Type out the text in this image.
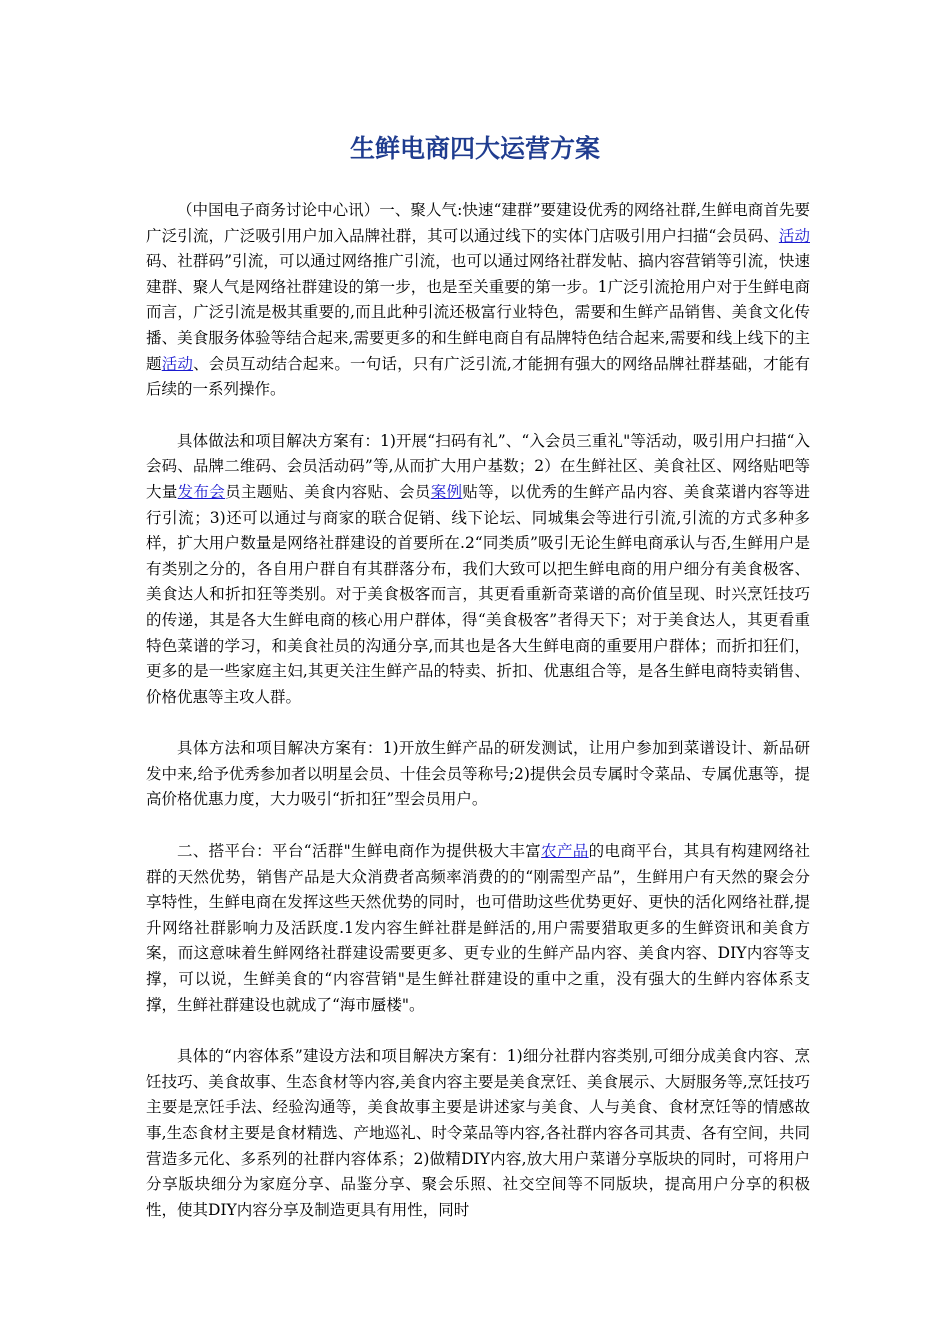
生鲜电商四大运营方案

（中国电子商务讨论中心讯）一、聚人气:快速“建群”要建设优秀的网络社群,生鲜电商首先要广泛引流，广泛吸引用户加入品牌社群，其可以通过线下的实体门店吸引用户扫描“会员码、活动码、社群码”引流，可以通过网络推广引流，也可以通过网络社群发帖、搞内容营销等引流，快速建群、聚人气是网络社群建设的第一步，也是至关重要的第一步。1广泛引流抢用户对于生鲜电商而言，广泛引流是极其重要的,而且此种引流还极富行业特色，需要和生鲜产品销售、美食文化传播、美食服务体验等结合起来,需要更多的和生鲜电商自有品牌特色结合起来,需要和线上线下的主题活动、会员互动结合起来。一句话，只有广泛引流,才能拥有强大的网络品牌社群基础，才能有后续的一系列操作。

具体做法和项目解决方案有：1)开展“扫码有礼”、“入会员三重礼"等活动，吸引用户扫描“入会码、品牌二维码、会员活动码”等,从而扩大用户基数；2）在生鲜社区、美食社区、网络贴吧等大量发布会员主题贴、美食内容贴、会员案例贴等，以优秀的生鲜产品内容、美食菜谱内容等进行引流；3)还可以通过与商家的联合促销、线下论坛、同城集会等进行引流,引流的方式多种多样，扩大用户数量是网络社群建设的首要所在.2“同类质”吸引无论生鲜电商承认与否,生鲜用户是有类别之分的，各自用户群自有其群落分布，我们大致可以把生鲜电商的用户细分有美食极客、美食达人和折扣狂等类别。对于美食极客而言，其更看重新奇菜谱的高价值呈现、时兴烹饪技巧的传递，其是各大生鲜电商的核心用户群体，得“美食极客”者得天下；对于美食达人，其更看重特色菜谱的学习，和美食社员的沟通分享,而其也是各大生鲜电商的重要用户群体；而折扣狂们，更多的是一些家庭主妇,其更关注生鲜产品的特卖、折扣、优惠组合等，是各生鲜电商特卖销售、价格优惠等主攻人群。

具体方法和项目解决方案有：1)开放生鲜产品的研发测试，让用户参加到菜谱设计、新品研发中来,给予优秀参加者以明星会员、十佳会员等称号;2)提供会员专属时令菜品、专属优惠等，提高价格优惠力度，大力吸引“折扣狂”型会员用户。

二、搭平台：平台“活群"生鲜电商作为提供极大丰富农产品的电商平台，其具有构建网络社群的天然优势，销售产品是大众消费者高频率消费的的“刚需型产品”，生鲜用户有天然的聚会分享特性，生鲜电商在发挥这些天然优势的同时，也可借助这些优势更好、更快的活化网络社群,提升网络社群影响力及活跃度.1发内容生鲜社群是鲜活的,用户需要猎取更多的生鲜资讯和美食方案，而这意味着生鲜网络社群建设需要更多、更专业的生鲜产品内容、美食内容、DIY内容等支撑，可以说，生鲜美食的“内容营销"是生鲜社群建设的重中之重，没有强大的生鲜内容体系支撑，生鲜社群建设也就成了“海市蜃楼"。

具体的“内容体系”建设方法和项目解决方案有：1)细分社群内容类别,可细分成美食内容、烹饪技巧、美食故事、生态食材等内容,美食内容主要是美食烹饪、美食展示、大厨服务等,烹饪技巧主要是烹饪手法、经验沟通等，美食故事主要是讲述家与美食、人与美食、食材烹饪等的情感故事,生态食材主要是食材精选、产地巡礼、时令菜品等内容,各社群内容各司其责、各有空间，共同营造多元化、多系列的社群内容体系；2)做精DIY内容,放大用户菜谱分享版块的同时，可将用户分享版块细分为家庭分享、品鉴分享、聚会乐照、社交空间等不同版块，提高用户分享的积极性，使其DIY内容分享及制造更具有用性，同时
